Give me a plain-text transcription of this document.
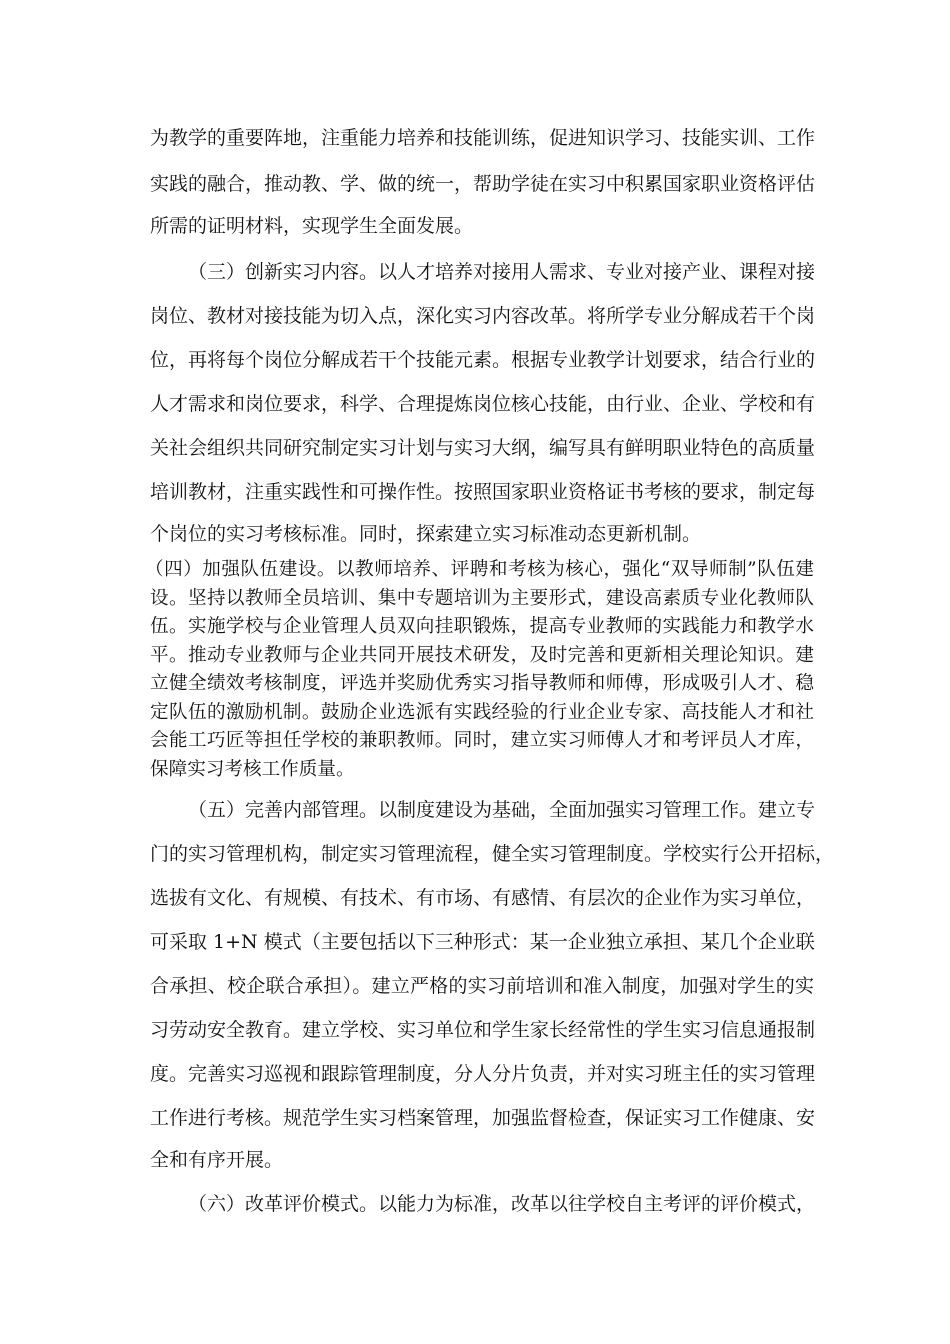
为教学的重要阵地，注重能力培养和技能训练，促进知识学习、技能实训、工作
实践的融合，推动教、学、做的统一，帮助学徒在实习中积累国家职业资格评估
所需的证明材料，实现学生全面发展。
（三）创新实习内容。以人才培养对接用人需求、专业对接产业、课程对接
岗位、教材对接技能为切入点，深化实习内容改革。将所学专业分解成若干个岗
位，再将每个岗位分解成若干个技能元素。根据专业教学计划要求，结合行业的
人才需求和岗位要求，科学、合理提炼岗位核心技能，由行业、企业、学校和有
关社会组织共同研究制定实习计划与实习大纲，编写具有鲜明职业特色的高质量
培训教材，注重实践性和可操作性。按照国家职业资格证书考核的要求，制定每
个岗位的实习考核标准。同时，探索建立实习标准动态更新机制。
（四）加强队伍建设。以教师培养、评聘和考核为核心，强化“双导师制”队伍建
设。坚持以教师全员培训、集中专题培训为主要形式，建设高素质专业化教师队
伍。实施学校与企业管理人员双向挂职锻炼，提高专业教师的实践能力和教学水
平。推动专业教师与企业共同开展技术研发，及时完善和更新相关理论知识。建
立健全绩效考核制度，评选并奖励优秀实习指导教师和师傅，形成吸引人才、稳
定队伍的激励机制。鼓励企业选派有实践经验的行业企业专家、高技能人才和社
会能工巧匠等担任学校的兼职教师。同时，建立实习师傅人才和考评员人才库，
保障实习考核工作质量。
（五）完善内部管理。以制度建设为基础，全面加强实习管理工作。建立专
门的实习管理机构，制定实习管理流程，健全实习管理制度。学校实行公开招标，
选拔有文化、有规模、有技术、有市场、有感情、有层次的企业作为实习单位，
可采取 1+N 模式（主要包括以下三种形式：某一企业独立承担、某几个企业联
合承担、校企联合承担）。建立严格的实习前培训和准入制度，加强对学生的实
习劳动安全教育。建立学校、实习单位和学生家长经常性的学生实习信息通报制
度。完善实习巡视和跟踪管理制度，分人分片负责，并对实习班主任的实习管理
工作进行考核。规范学生实习档案管理，加强监督检查，保证实习工作健康、安
全和有序开展。
（六）改革评价模式。以能力为标准，改革以往学校自主考评的评价模式，
